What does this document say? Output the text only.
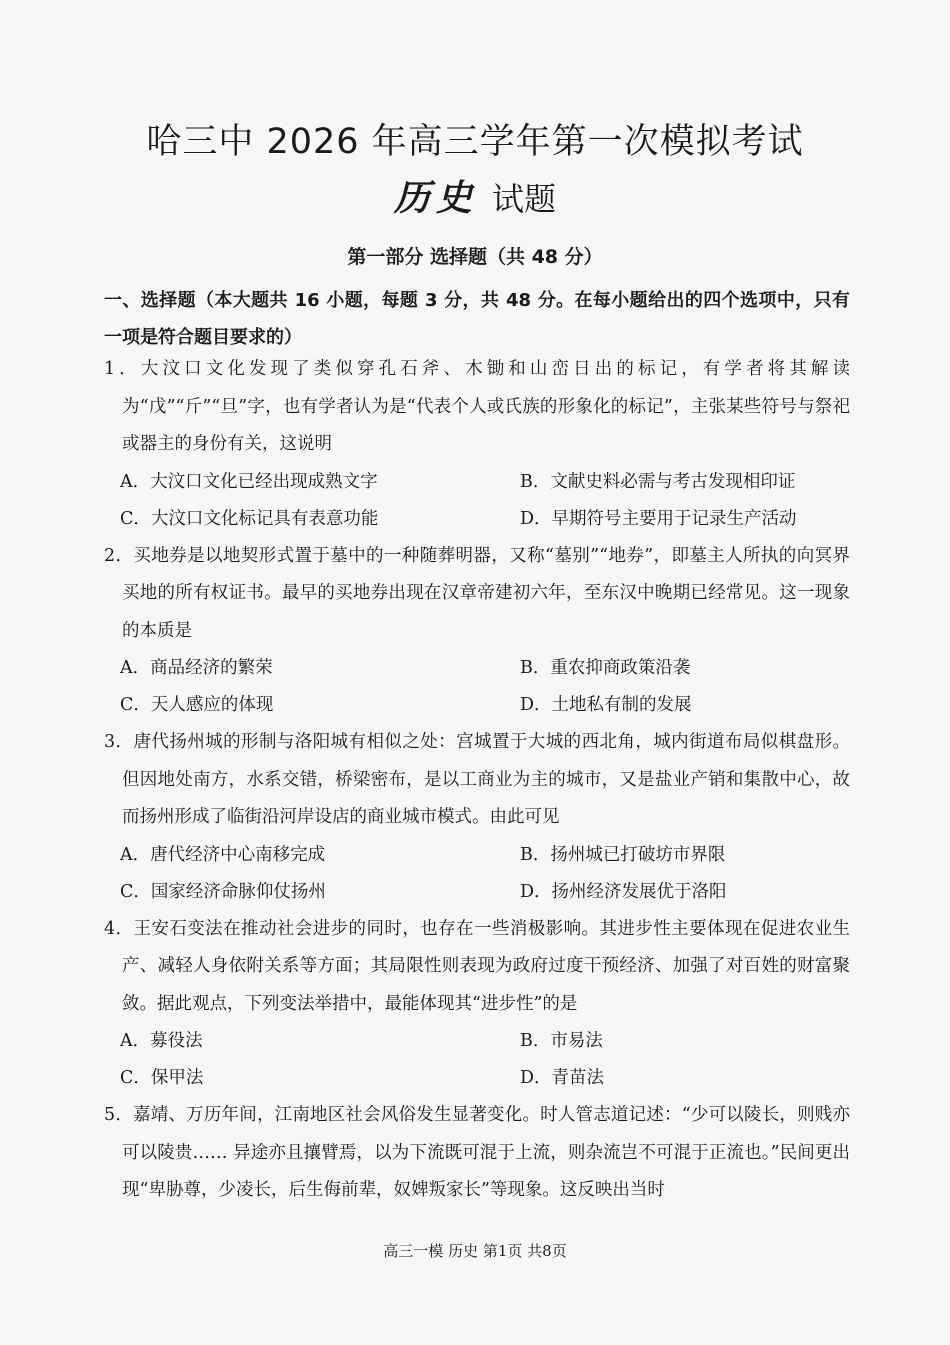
哈三中 2026 年高三学年第一次模拟考试
历史 试题
第一部分 选择题（共 48 分）
一、选择题（本大题共 16 小题，每题 3 分，共 48 分。在每小题给出的四个选项中，只有一项是符合题目要求的）

1．大汶口文化发现了类似穿孔石斧、木锄和山峦日出的标记，有学者将其解读为“戊”“斤”“旦”字，也有学者认为是“代表个人或氏族的形象化的标记”，主张某些符号与祭祀或器主的身份有关，这说明

A．大汶口文化已经出现成熟文字	B．文献史料必需与考古发现相印证
C．大汶口文化标记具有表意功能	D．早期符号主要用于记录生产活动

2．买地券是以地契形式置于墓中的一种随葬明器，又称“墓别”“地券”，即墓主人所执的向冥界买地的所有权证书。最早的买地券出现在汉章帝建初六年，至东汉中晚期已经常见。这一现象的本质是

A．商品经济的繁荣	B．重农抑商政策沿袭
C．天人感应的体现	D．土地私有制的发展

3．唐代扬州城的形制与洛阳城有相似之处：宫城置于大城的西北角，城内街道布局似棋盘形。但因地处南方，水系交错，桥梁密布，是以工商业为主的城市，又是盐业产销和集散中心，故而扬州形成了临街沿河岸设店的商业城市模式。由此可见

A．唐代经济中心南移完成	B．扬州城已打破坊市界限
C．国家经济命脉仰仗扬州	D．扬州经济发展优于洛阳

4．王安石变法在推动社会进步的同时，也存在一些消极影响。其进步性主要体现在促进农业生产、减轻人身依附关系等方面；其局限性则表现为政府过度干预经济、加强了对百姓的财富聚敛。据此观点，下列变法举措中，最能体现其“进步性”的是

A．募役法	B．市易法
C．保甲法	D．青苗法

5．嘉靖、万历年间，江南地区社会风俗发生显著变化。时人管志道记述：“少可以陵长，则贱亦可以陵贵…… 异途亦且攘臂焉，以为下流既可混于上流，则杂流岂不可混于正流也。”民间更出现“卑胁尊，少凌长，后生侮前辈，奴婢叛家长”等现象。这反映出当时

高三一模 历史 第1页 共8页
